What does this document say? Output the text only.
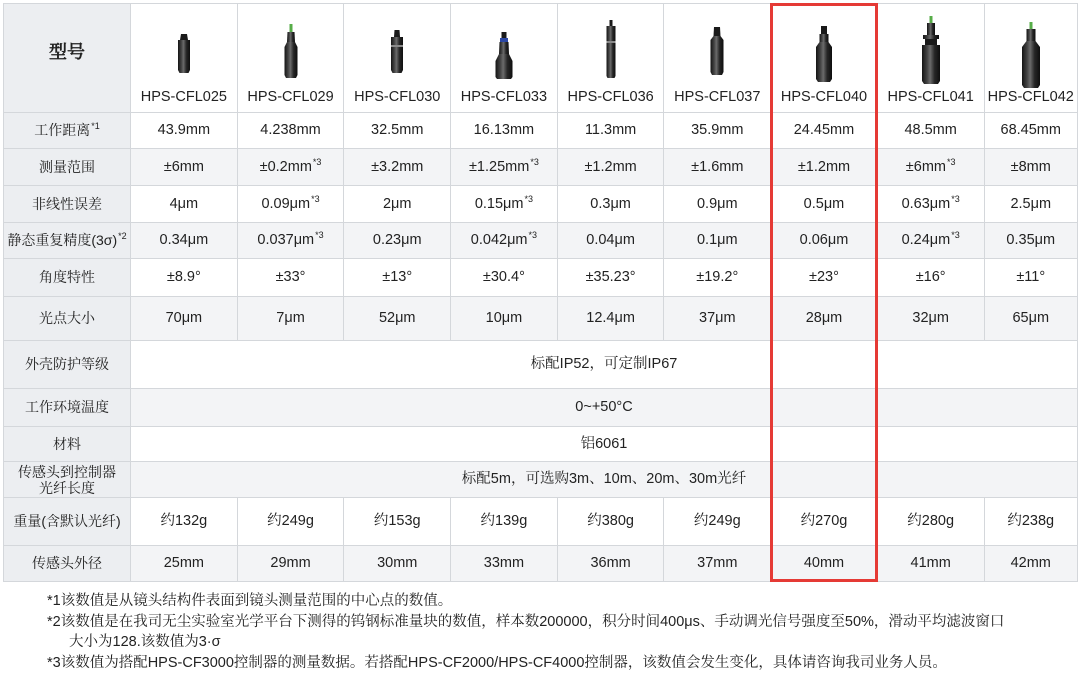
型号	HPS-CFL025	HPS-CFL029	HPS-CFL030	HPS-CFL033	HPS-CFL036	HPS-CFL037	HPS-CFL040	HPS-CFL041	HPS-CFL042

工作距离$^{*1}$	43.9mm	4.238mm	32.5mm	16.13mm	11.3mm	35.9mm	24.45mm	48.5mm	68.45mm
测量范围	±6mm	$\pm 0.2mm^{*3}$	±3.2mm	$\pm 1.25mm^{*3}$	±1.2mm	±1.6mm	±1.2mm	$\pm 6mm^{*3}$	±8mm
非线性误差	4μm	$0.09\mu m^{*3}$	2μm	$0.15\mu m^{*3}$	0.3μm	0.9μm	0.5μm	$0.63\mu m^{*3}$	2.5μm
静态重复精度$(3\sigma)^{*2}$	0.34μm	$0.037\mu m^{*3}$	0.23μm	$0.042\mu m^{*3}$	0.04μm	0.1μm	0.06μm	$0.24\mu m^{*3}$	0.35μm
角度特性	±8.9°	±33°	±13°	±30.4°	±35.23°	±19.2°	±23°	±16°	±11°
光点大小	70μm	7μm	52μm	10μm	12.4μm	37μm	28μm	32μm	65μm
外壳防护等级	标配IP52，可定制IP67								
工作环境温度	0~+50°C								
材料	铝6061								

传感头到控制器
光纤长度	标配5m，可选购3m、10m、20m、30m光纤								
重量(含默认光纤)	约132g	约249g	约153g	约139g	约380g	约249g	约270g	约280g	约238g
传感头外径	25mm	29mm	30mm	33mm	36mm	37mm	40mm	41mm	42mm
*1该数值是从镜头结构件表面到镜头测量范围的中心点的数值。
*2该数值是在我司无尘实验室光学平台下测得的钨钢标准量块的数值，样本数200000，积分时间400μs、手动调光信号强度至50%，滑动平均滤波窗口
大小为128.该数值为3·σ
*3该数值为搭配HPS-CF3000控制器的测量数据。若搭配HPS-CF2000/HPS-CF4000控制器，该数值会发生变化，具体请咨询我司业务人员。
